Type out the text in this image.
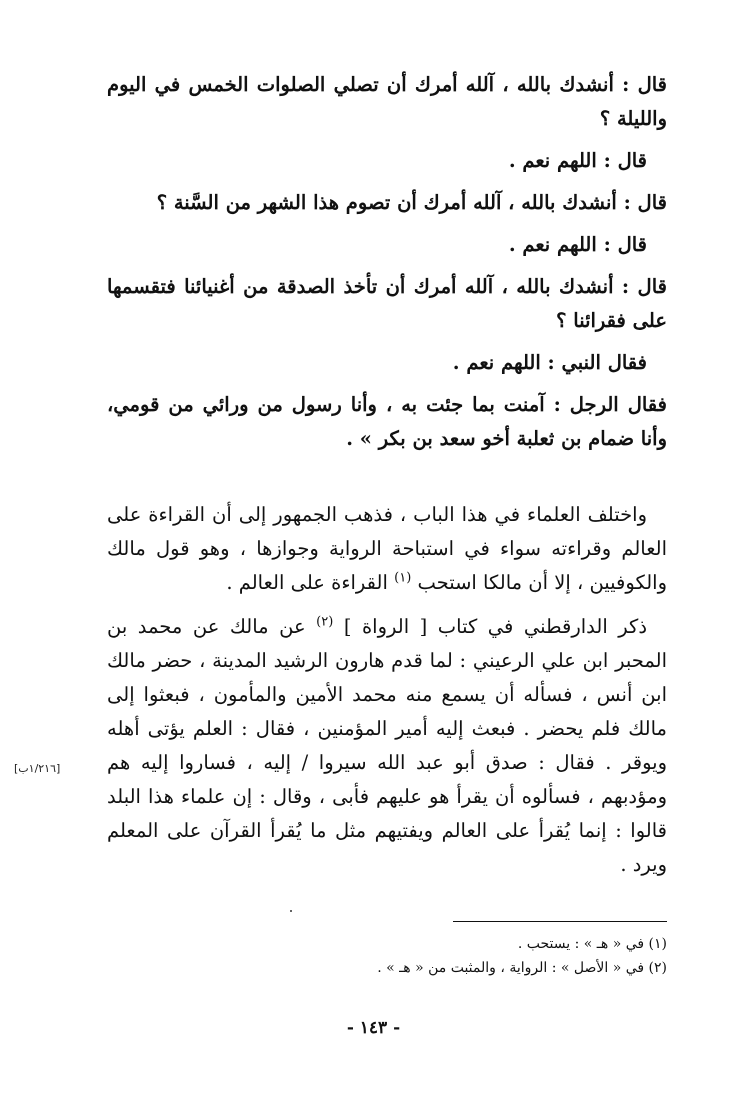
قال : أنشدك بالله ، آلله أمرك أن تصلي الصلوات الخمس في اليوم والليلة ؟

قال : اللهم نعم .

قال : أنشدك بالله ، آلله أمرك أن تصوم هذا الشهر من السَّنة ؟

قال : اللهم نعم .

قال : أنشدك بالله ، آلله أمرك أن تأخذ الصدقة من أغنيائنا فتقسمها على فقرائنا ؟

فقال النبي : اللهم نعم .

فقال الرجل : آمنت بما جئت به ، وأنا رسول من ورائي من قومي، وأنا ضمام بن ثعلبة أخو سعد بن بكر » .

واختلف العلماء في هذا الباب ، فذهب الجمهور إلى أن القراءة على العالم وقراءته سواء في استباحة الرواية وجوازها ، وهو قول مالك والكوفيين ، إلا أن مالكا استحب $^{(١)}$ القراءة على العالم .

ذكر الدارقطني في كتاب [ الرواة ] $^{(٢)}$ عن مالك عن محمد بن المحبر ابن علي الرعيني : لما قدم هارون الرشيد المدينة ، حضر مالك ابن أنس ، فسأله أن يسمع منه محمد الأمين والمأمون ، فبعثوا إلى مالك فلم يحضر . فبعث إليه أمير المؤمنين ، فقال : العلم يؤتى أهله ويوقر . فقال : صدق أبو عبد الله سيروا / إليه ، فساروا إليه هم ومؤدبهم ، فسألوه أن يقرأ هو عليهم فأبى ، وقال : إن علماء هذا البلد قالوا : إنما يُقرأ على العالم ويفتيهم مثل ما يُقرأ القرآن على المعلم ويرد .

[١/٢١٦ب]
(١) في « هـ » : يستحب .
(٢) في « الأصل » : الرواية ، والمثبت من « هـ » .
- ١٤٣ -
